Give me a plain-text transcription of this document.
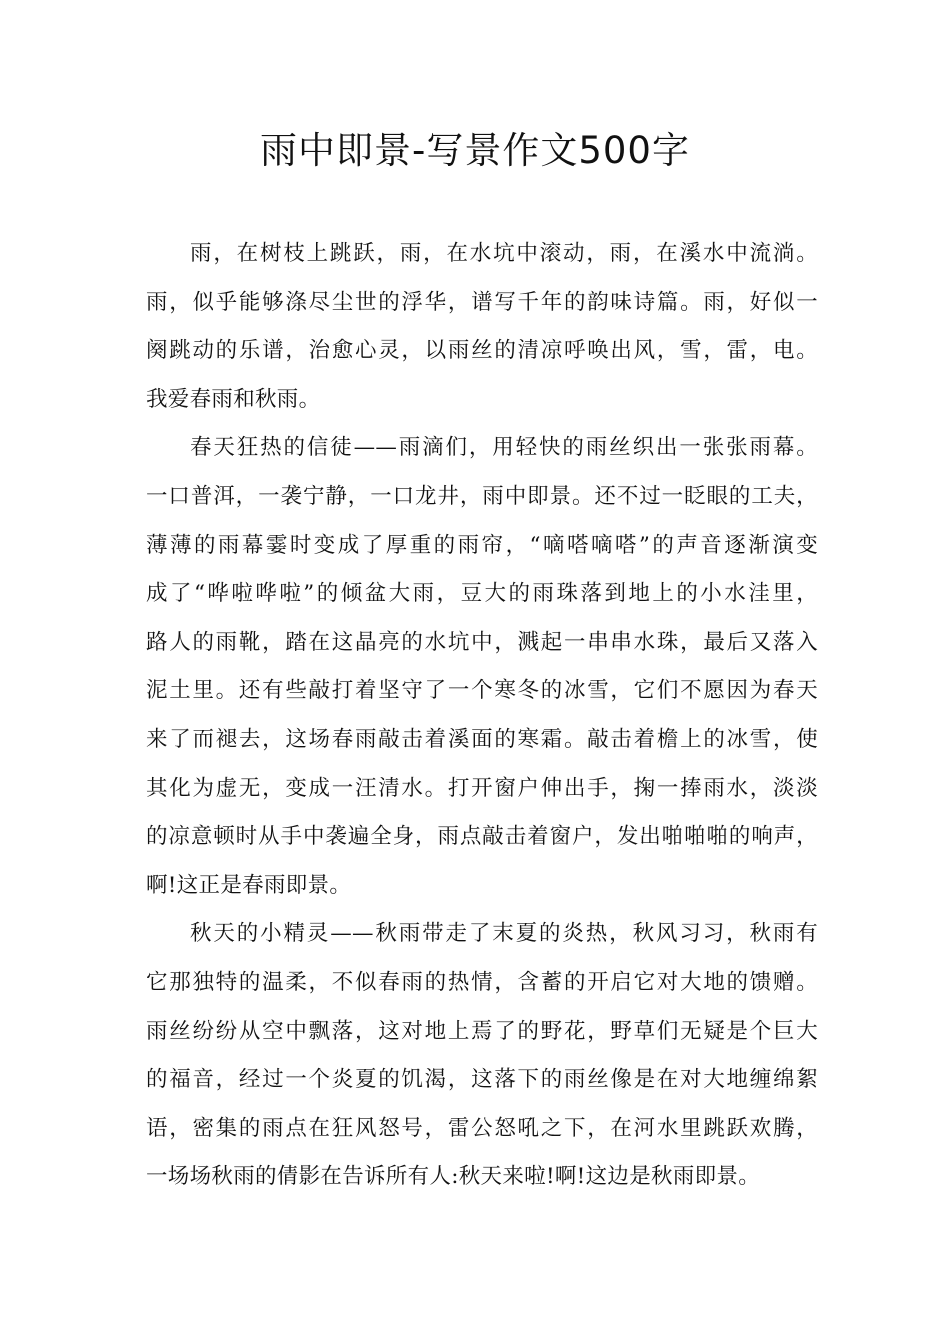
雨中即景-写景作文500字
雨，在树枝上跳跃，雨，在水坑中滚动，雨，在溪水中流淌。
雨，似乎能够涤尽尘世的浮华，谱写千年的韵味诗篇。雨，好似一
阕跳动的乐谱，治愈心灵，以雨丝的清凉呼唤出风，雪，雷，电。
我爱春雨和秋雨。
春天狂热的信徒——雨滴们，用轻快的雨丝织出一张张雨幕。
一口普洱，一袭宁静，一口龙井，雨中即景。还不过一眨眼的工夫，
薄薄的雨幕霎时变成了厚重的雨帘，“嘀嗒嘀嗒”的声音逐渐演变
成了“哗啦哗啦”的倾盆大雨，豆大的雨珠落到地上的小水洼里，
路人的雨靴，踏在这晶亮的水坑中，溅起一串串水珠，最后又落入
泥土里。还有些敲打着坚守了一个寒冬的冰雪，它们不愿因为春天
来了而褪去，这场春雨敲击着溪面的寒霜。敲击着檐上的冰雪，使
其化为虚无，变成一汪清水。打开窗户伸出手，掬一捧雨水，淡淡
的凉意顿时从手中袭遍全身，雨点敲击着窗户，发出啪啪啪的响声，
啊!这正是春雨即景。
秋天的小精灵——秋雨带走了末夏的炎热，秋风习习，秋雨有
它那独特的温柔，不似春雨的热情，含蓄的开启它对大地的馈赠。
雨丝纷纷从空中飘落，这对地上焉了的野花，野草们无疑是个巨大
的福音，经过一个炎夏的饥渴，这落下的雨丝像是在对大地缠绵絮
语，密集的雨点在狂风怒号，雷公怒吼之下，在河水里跳跃欢腾，
一场场秋雨的倩影在告诉所有人:秋天来啦!啊!这边是秋雨即景。
